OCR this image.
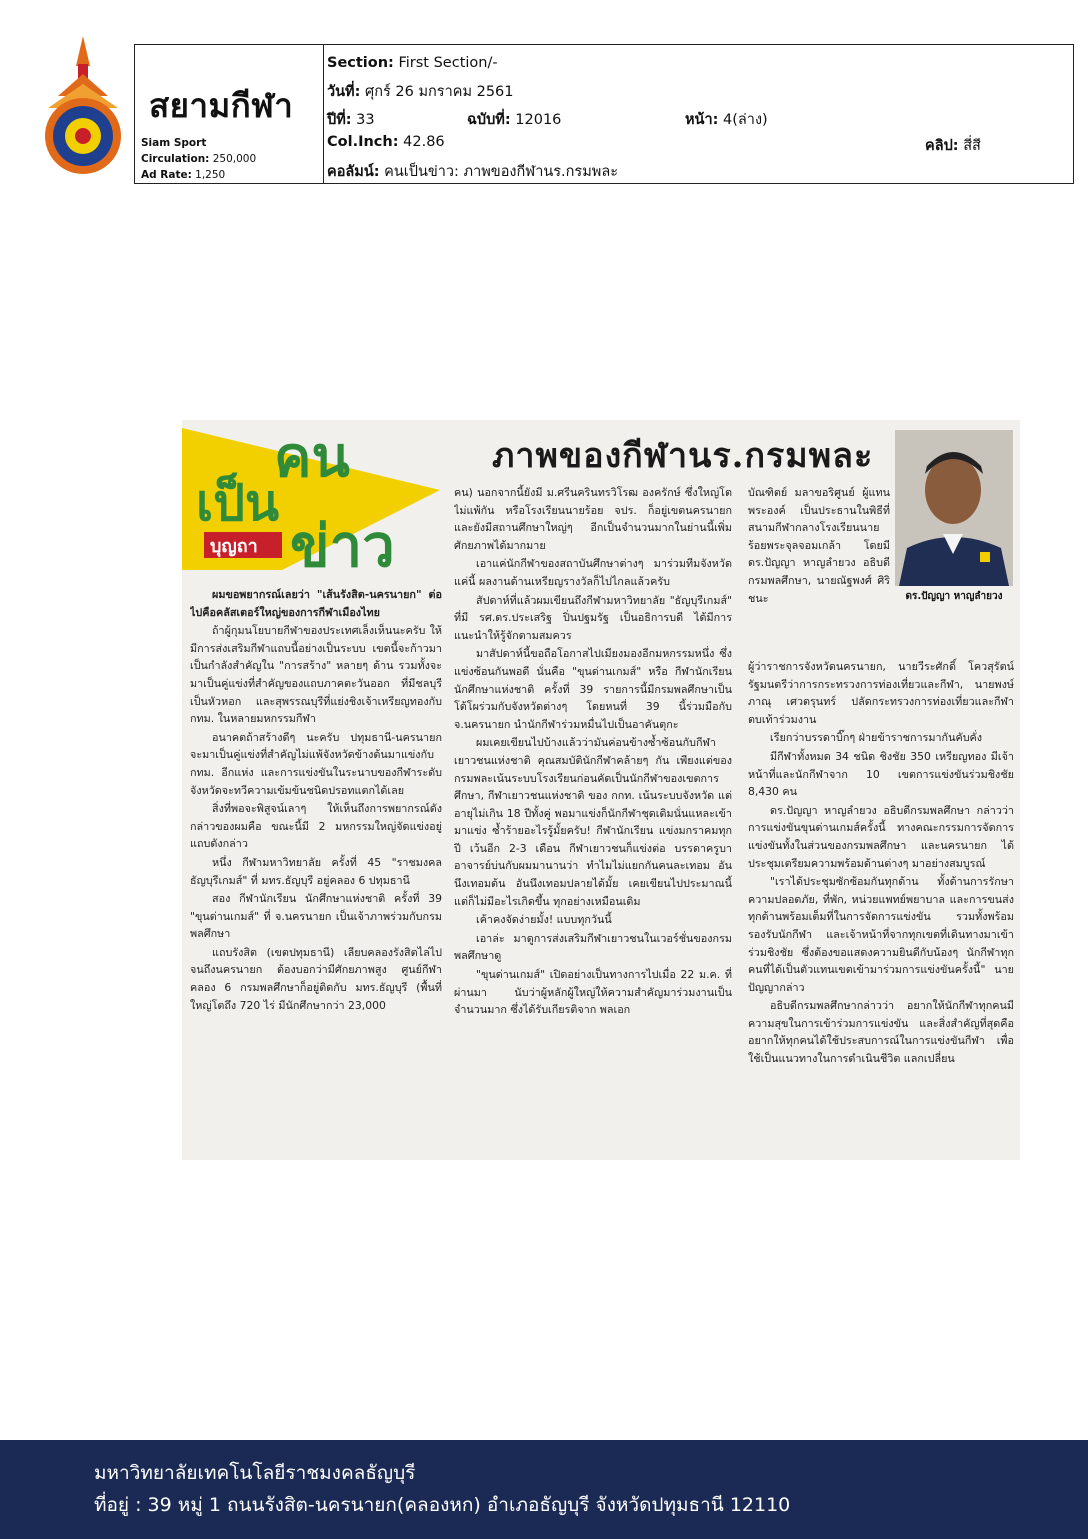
สยามกีฬา
Siam Sport
Circulation: 250,000
Ad Rate: 1,250
Section: First Section/-
วันที่: ศุกร์ 26 มกราคม 2561
ปีที่: 33	ฉบับที่: 12016	หน้า: 4(ล่าง)
Col.Inch: 42.86	คลิป: สี่สี
คอลัมน์: คนเป็นข่าว: ภาพของกีฬานร.กรมพละ
คน
เป็น
บุญถา ข่าว
ภาพของกีฬานร.กรมพละ
ดร.ปัญญา หาญลำยวง

ผมขอพยากรณ์เลยว่า "เส้นรังสิต-นครนายก" ต่อไปคือคลัสเตอร์ใหญ่ของการกีฬาเมืองไทย

ถ้าผู้กุมนโยบายกีฬาของประเทศเล็งเห็นนะครับ ให้มีการส่งเสริมกีฬาแถบนี้อย่างเป็นระบบ เขตนี้จะก้าวมาเป็นกำลังสำคัญใน "การสร้าง" หลายๆ ด้าน รวมทั้งจะมาเป็นคู่แข่งที่สำคัญของแถบภาคตะวันออก ที่มีชลบุรีเป็นหัวหอก และสุพรรณบุรีที่แย่งชิงเจ้าเหรียญทองกับ กทม. ในหลายมหกรรมกีฬา

อนาคตถ้าสร้างดีๆ นะครับ ปทุมธานี-นครนายก จะมาเป็นคู่แข่งที่สำคัญไม่แพ้จังหวัดข้างต้นมาแข่งกับ กทม. อีกแห่ง และการแข่งขันในระนาบของกีฬาระดับจังหวัดจะทวีความเข้มข้นชนิดปรอทแตกได้เลย

สิ่งที่พอจะพิสูจน์เลาๆ ให้เห็นถึงการพยากรณ์ดังกล่าวของผมคือ ขณะนี้มี 2 มหกรรมใหญ่จัดแข่งอยู่แถบดังกล่าว

หนึ่ง กีฬามหาวิทยาลัย ครั้งที่ 45 "ราชมงคลธัญบุรีเกมส์" ที่ มทร.ธัญบุรี อยู่คลอง 6 ปทุมธานี

สอง กีฬานักเรียน นักศึกษาแห่งชาติ ครั้งที่ 39 "ขุนด่านเกมส์" ที่ จ.นครนายก เป็นเจ้าภาพร่วมกับกรมพลศึกษา

แถบรังสิต (เขตปทุมธานี) เลียบคลองรังสิตไล่ไปจนถึงนครนายก ต้องบอกว่ามีศักยภาพสูง ศูนย์กีฬาคลอง 6 กรมพลศึกษาก็อยู่ติดกับ มทร.ธัญบุรี (พื้นที่ใหญ่โตถึง 720 ไร่ มีนักศึกษากว่า 23,000

คน) นอกจากนี้ยังมี ม.ศรีนครินทรวิโรฒ องครักษ์ ซึ่งใหญ่โตไม่แพ้กัน หรือโรงเรียนนายร้อย จปร. ก็อยู่เขตนครนายก และยังมีสถานศึกษาใหญ่ๆ อีกเป็นจำนวนมากในย่านนี้เพิ่มศักยภาพได้มากมาย

เอาแค่นักกีฬาของสถาบันศึกษาต่างๆ มาร่วมทีมจังหวัดแค่นี้ ผลงานด้านเหรียญรางวัลก็ไปไกลแล้วครับ

สัปดาห์ที่แล้วผมเขียนถึงกีฬามหาวิทยาลัย "ธัญบุรีเกมส์" ที่มี รศ.ดร.ประเสริฐ ปิ่นปฐมรัฐ เป็นอธิการบดี ได้มีการแนะนำให้รู้จักตามสมควร

มาสัปดาห์นี้ขอถือโอกาสไปเมียงมองอีกมหกรรมหนึ่ง ซึ่งแข่งซ้อนกันพอดี นั่นคือ "ขุนด่านเกมส์" หรือ กีฬานักเรียน นักศึกษาแห่งชาติ ครั้งที่ 39 รายการนี้มีกรมพลศึกษาเป็นโต้โผร่วมกับจังหวัดต่างๆ โดยหนที่ 39 นี้ร่วมมือกับ จ.นครนายก นำนักกีฬาร่วมหมื่นไปเป็นอาคันตุกะ

ผมเคยเขียนไปบ้างแล้วว่ามันค่อนข้างซ้ำซ้อนกับกีฬาเยาวชนแห่งชาติ คุณสมบัตินักกีฬาคล้ายๆ กัน เพียงแต่ของกรมพละเน้นระบบโรงเรียนก่อนคัดเป็นนักกีฬาของเขตการศึกษา, กีฬาเยาวชนแห่งชาติ ของ กกท. เน้นระบบจังหวัด แต่อายุไม่เกิน 18 ปีทั้งคู่ พอมาแข่งก็นักกีฬาชุดเดิมนั่นแหละเข้ามาแข่ง ซ้ำร้ายอะไรรู้มั้ยครับ! กีฬานักเรียน แข่งมกราคมทุกปี เว้นอีก 2-3 เดือน กีฬาเยาวชนก็แข่งต่อ บรรดาครูบาอาจารย์บ่นกับผมมานานว่า ทำไมไม่แยกกันคนละเทอม อันนึงเทอมต้น อันนึงเทอมปลายได้มั้ย เคยเขียนไปประมาณนี้ แต่ก็ไม่มีอะไรเกิดขึ้น ทุกอย่างเหมือนเดิม

เค้าคงจัดง่ายมั้ง! แบบทุกวันนี้

เอาล่ะ มาดูการส่งเสริมกีฬาเยาวชนในเวอร์ชั่นของกรมพลศึกษาดู

"ขุนด่านเกมส์" เปิดอย่างเป็นทางการไปเมื่อ 22 ม.ค. ที่ผ่านมา นับว่าผู้หลักผู้ใหญ่ให้ความสำคัญมาร่วมงานเป็นจำนวนมาก ซึ่งได้รับเกียรติจาก พลเอก

บัณฑิตย์ มลาขอริศูนย์ ผู้แทนพระองค์ เป็นประธานในพิธีที่สนามกีฬากลางโรงเรียนนายร้อยพระจุลจอมเกล้า โดยมี ดร.ปัญญา หาญลำยวง อธิบดีกรมพลศึกษา, นายณัฐพงศ์ ศิริชนะ

ผู้ว่าราชการจังหวัดนครนายก, นายวีระศักดิ์ โควสุรัตน์ รัฐมนตรีว่าการกระทรวงการท่องเที่ยวและกีฬา, นายพงษ์ภาณุ เศวตรุนทร์ ปลัดกระทรวงการท่องเที่ยวและกีฬา ตบเท้าร่วมงาน

เรียกว่าบรรดาบิ๊กๆ ฝ่ายข้าราชการมากันคับคั่ง

มีกีฬาทั้งหมด 34 ชนิด ชิงชัย 350 เหรียญทอง มีเจ้าหน้าที่และนักกีฬาจาก 10 เขตการแข่งขันร่วมชิงชัย 8,430 คน

ดร.ปัญญา หาญลำยวง อธิบดีกรมพลศึกษา กล่าวว่า การแข่งขันขุนด่านเกมส์ครั้งนี้ ทางคณะกรรมการจัดการแข่งขันทั้งในส่วนของกรมพลศึกษา และนครนายก ได้ประชุมเตรียมความพร้อมด้านต่างๆ มาอย่างสมบูรณ์

"เราได้ประชุมซักซ้อมกันทุกด้าน ทั้งด้านการรักษาความปลอดภัย, ที่พัก, หน่วยแพทย์พยาบาล และการขนส่ง ทุกด้านพร้อมเต็มที่ในการจัดการแข่งขัน รวมทั้งพร้อมรองรับนักกีฬา และเจ้าหน้าที่จากทุกเขตที่เดินทางมาเข้าร่วมชิงชัย ซึ่งต้องขอแสดงความยินดีกับน้องๆ นักกีฬาทุกคนที่ได้เป็นตัวแทนเขตเข้ามาร่วมการแข่งขันครั้งนี้" นายปัญญากล่าว

อธิบดีกรมพลศึกษากล่าวว่า อยากให้นักกีฬาทุกคนมีความสุขในการเข้าร่วมการแข่งขัน และสิ่งสำคัญที่สุดคือ อยากให้ทุกคนได้ใช้ประสบการณ์ในการแข่งขันกีฬา เพื่อใช้เป็นแนวทางในการดำเนินชีวิต แลกเปลี่ยน

มหาวิทยาลัยเทคโนโลยีราชมงคลธัญบุรี
ที่อยู่ : 39 หมู่ 1 ถนนรังสิต-นครนายก(คลองหก) อำเภอธัญบุรี จังหวัดปทุมธานี 12110
